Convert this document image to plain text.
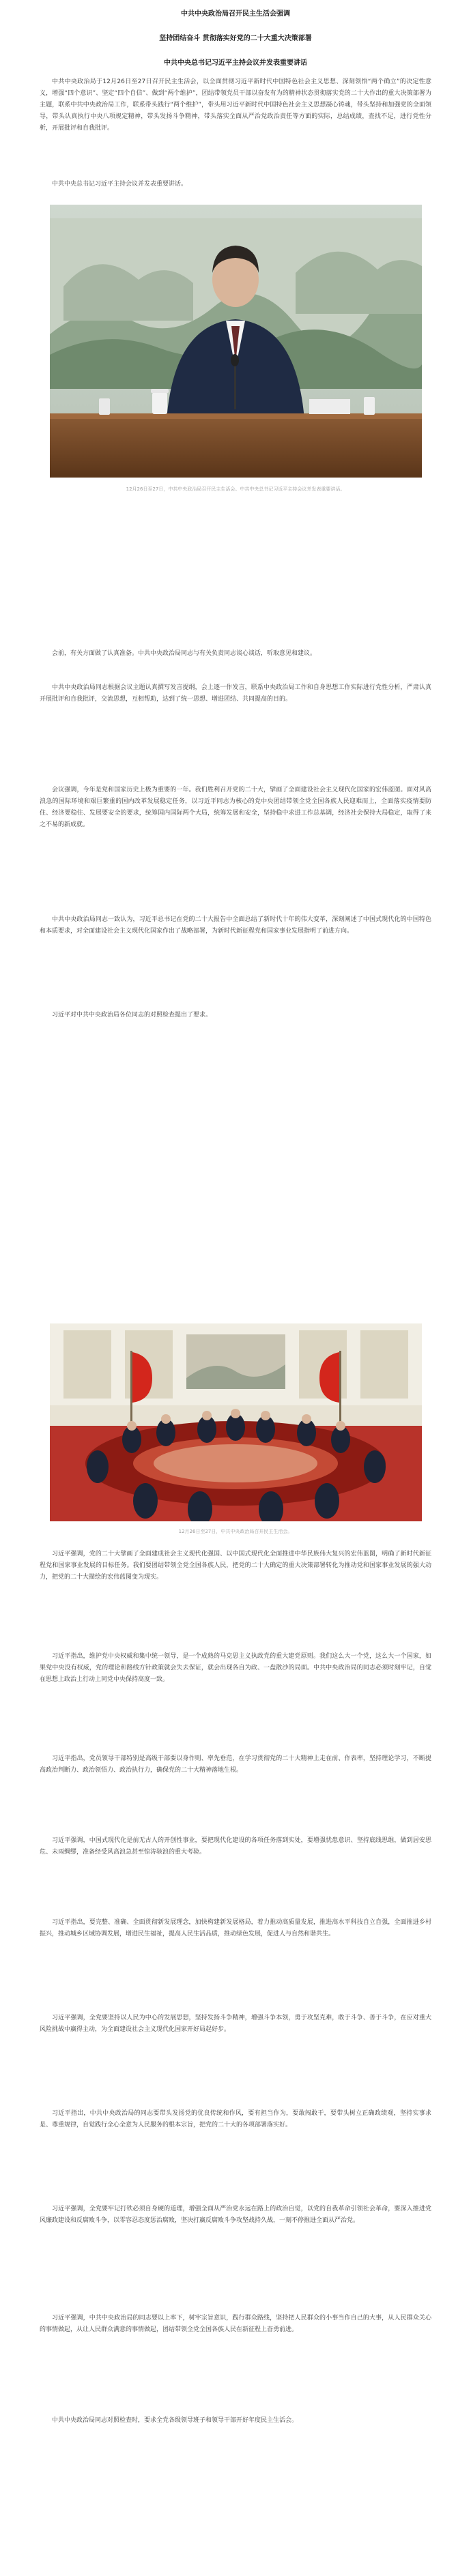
中共中央政治局召开民主生活会强调
坚持团结奋斗 贯彻落实好党的二十大重大决策部署
中共中央总书记习近平主持会议并发表重要讲话

中共中央政治局于12月26日至27日召开民主生活会，以全面贯彻习近平新时代中国特色社会主义思想、深刻领悟“两个确立”的决定性意义，增强“四个意识”、坚定“四个自信”、做到“两个维护”，团结带领党员干部以奋发有为的精神状态贯彻落实党的二十大作出的重大决策部署为主题，联系中共中央政治局工作，联系带头践行“两个维护”，带头用习近平新时代中国特色社会主义思想凝心铸魂，带头坚持和加强党的全面领导，带头认真执行中央八项规定精神，带头发扬斗争精神，带头落实全面从严治党政治责任等方面的实际，总结成绩，查找不足，进行党性分析，开展批评和自我批评。

中共中央总书记习近平主持会议并发表重要讲话。

12月26日至27日，中共中央政治局召开民主生活会。中共中央总书记习近平主持会议并发表重要讲话。

会前，有关方面做了认真准备。中共中央政治局同志与有关负责同志谈心谈话，听取意见和建议。

中共中央政治局同志根据会议主题认真撰写发言提纲，会上逐一作发言，联系中央政治局工作和自身思想工作实际进行党性分析，严肃认真开展批评和自我批评，交流思想，互相帮助，达到了统一思想、增进团结、共同提高的目的。

会议强调，今年是党和国家历史上极为重要的一年。我们胜利召开党的二十大，擘画了全面建设社会主义现代化国家的宏伟蓝图。面对风高浪急的国际环境和艰巨繁重的国内改革发展稳定任务，以习近平同志为核心的党中央团结带领全党全国各族人民迎难而上，全面落实疫情要防住、经济要稳住、发展要安全的要求，统筹国内国际两个大局，统筹发展和安全，坚持稳中求进工作总基调，经济社会保持大局稳定，取得了来之不易的新成就。

中共中央政治局同志一致认为，习近平总书记在党的二十大报告中全面总结了新时代十年的伟大变革，深刻阐述了中国式现代化的中国特色和本质要求，对全面建设社会主义现代化国家作出了战略部署，为新时代新征程党和国家事业发展指明了前进方向。

习近平对中共中央政治局各位同志的对照检查提出了要求。

12月26日至27日，中共中央政治局召开民主生活会。

习近平强调，党的二十大擘画了全面建成社会主义现代化强国、以中国式现代化全面推进中华民族伟大复兴的宏伟蓝图，明确了新时代新征程党和国家事业发展的目标任务。我们要团结带领全党全国各族人民，把党的二十大确定的重大决策部署转化为推动党和国家事业发展的强大动力，把党的二十大描绘的宏伟蓝图变为现实。

习近平指出，维护党中央权威和集中统一领导，是一个成熟的马克思主义执政党的重大建党原则。我们这么大一个党，这么大一个国家，如果党中央没有权威，党的理论和路线方针政策就会失去保证，就会出现各自为政、一盘散沙的局面。中共中央政治局的同志必须时刻牢记，自觉在思想上政治上行动上同党中央保持高度一致。

习近平指出，党员领导干部特别是高级干部要以身作则、率先垂范，在学习贯彻党的二十大精神上走在前、作表率，坚持理论学习，不断提高政治判断力、政治领悟力、政治执行力，确保党的二十大精神落地生根。

习近平强调，中国式现代化是前无古人的开创性事业，要把现代化建设的各项任务落到实处，要增强忧患意识、坚持底线思维，做到居安思危、未雨绸缪，准备经受风高浪急甚至惊涛骇浪的重大考验。

习近平指出，要完整、准确、全面贯彻新发展理念，加快构建新发展格局，着力推动高质量发展，推进高水平科技自立自强，全面推进乡村振兴，推动城乡区域协调发展，增进民生福祉，提高人民生活品质，推动绿色发展，促进人与自然和谐共生。

习近平强调，全党要坚持以人民为中心的发展思想，坚持发扬斗争精神，增强斗争本领，勇于攻坚克难，敢于斗争、善于斗争，在应对重大风险挑战中赢得主动，为全面建设社会主义现代化国家开好局起好步。

习近平指出，中共中央政治局的同志要带头发扬党的优良传统和作风，要有担当作为，要敢闯敢干，要带头树立正确政绩观，坚持实事求是、尊重规律，自觉践行全心全意为人民服务的根本宗旨，把党的二十大的各项部署落实好。

习近平强调，全党要牢记打铁必须自身硬的道理，增强全面从严治党永远在路上的政治自觉，以党的自我革命引领社会革命，要深入推进党风廉政建设和反腐败斗争，以零容忍态度惩治腐败，坚决打赢反腐败斗争攻坚战持久战，一刻不停推进全面从严治党。

习近平强调，中共中央政治局的同志要以上率下，树牢宗旨意识，践行群众路线，坚持把人民群众的小事当作自己的大事，从人民群众关心的事情做起，从让人民群众满意的事情做起，团结带领全党全国各族人民在新征程上奋勇前进。

中共中央政治局同志对照检查时，要求全党各级领导班子和领导干部开好年度民主生活会。
